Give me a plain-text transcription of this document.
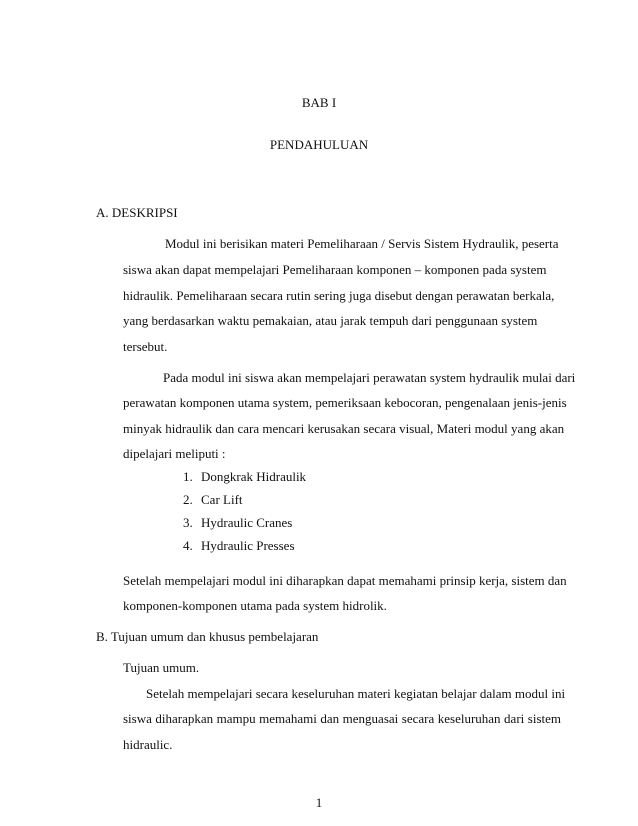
BAB I
PENDAHULUAN
A. DESKRIPSI
Modul ini berisikan materi Pemeliharaan / Servis Sistem Hydraulik, peserta
siswa akan dapat mempelajari Pemeliharaan komponen – komponen pada system
hidraulik. Pemeliharaan secara rutin sering juga disebut dengan perawatan berkala,
yang berdasarkan waktu pemakaian, atau jarak tempuh dari penggunaan system
tersebut.
Pada modul ini siswa akan mempelajari perawatan system hydraulik mulai dari
perawatan komponen utama system, pemeriksaan kebocoran, pengenalaan jenis-jenis
minyak hidraulik dan cara mencari kerusakan secara visual, Materi modul yang akan
dipelajari meliputi :
1. Dongkrak Hidraulik
2. Car Lift
3. Hydraulic Cranes
4. Hydraulic Presses
Setelah mempelajari modul ini diharapkan dapat memahami prinsip kerja, sistem dan
komponen-komponen utama pada system hidrolik.
B. Tujuan umum dan khusus pembelajaran
Tujuan umum.
Setelah mempelajari secara keseluruhan materi kegiatan belajar dalam modul ini
siswa diharapkan mampu memahami dan menguasai secara keseluruhan dari sistem
hidraulic.
1
